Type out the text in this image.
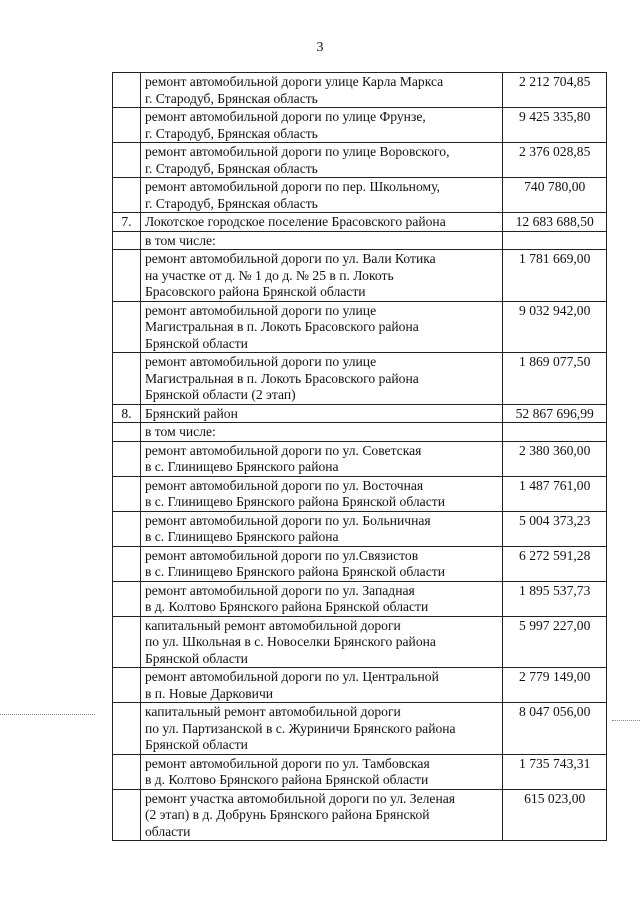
3
	ремонт автомобильной дороги улице Карла Маркса
г. Стародуб, Брянская область	2 212 704,85
	ремонт автомобильной дороги по улице Фрунзе,
г. Стародуб, Брянская область	9 425 335,80
	ремонт автомобильной дороги по улице Воровского,
г. Стародуб, Брянская область	2 376 028,85
	ремонт автомобильной дороги по пер. Школьному,
г. Стародуб, Брянская область	740 780,00
7.	Локотское городское поселение Брасовского района	12 683 688,50
	в том числе:	
	ремонт автомобильной дороги по ул. Вали Котика
на участке от д. № 1 до д. № 25 в п. Локоть
Брасовского района Брянской области	1 781 669,00
	ремонт автомобильной дороги по улице
Магистральная в п. Локоть Брасовского района
Брянской области	9 032 942,00
	ремонт автомобильной дороги по улице
Магистральная в п. Локоть Брасовского района
Брянской области (2 этап)	1 869 077,50
8.	Брянский район	52 867 696,99
	в том числе:	
	ремонт автомобильной дороги по ул. Советская
в с. Глинищево Брянского района	2 380 360,00
	ремонт автомобильной дороги по ул. Восточная
в с. Глинищево Брянского района Брянской области	1 487 761,00
	ремонт автомобильной дороги по ул. Больничная
в с. Глинищево Брянского района	5 004 373,23
	ремонт автомобильной дороги по ул.Связистов
в с. Глинищево Брянского района Брянской области	6 272 591,28
	ремонт автомобильной дороги по ул. Западная
в д. Колтово Брянского района Брянской области	1 895 537,73
	капитальный ремонт автомобильной дороги
по ул. Школьная в с. Новоселки Брянского района
Брянской области	5 997 227,00
	ремонт автомобильной дороги по ул. Центральной
в п. Новые Дарковичи	2 779 149,00
	капитальный ремонт автомобильной дороги
по ул. Партизанской в с. Журиничи Брянского района
Брянской области	8 047 056,00
	ремонт автомобильной дороги по ул. Тамбовская
в д. Колтово Брянского района Брянской области	1 735 743,31
	ремонт участка автомобильной дороги по ул. Зеленая
(2 этап) в д. Добрунь Брянского района Брянской
области	615 023,00
